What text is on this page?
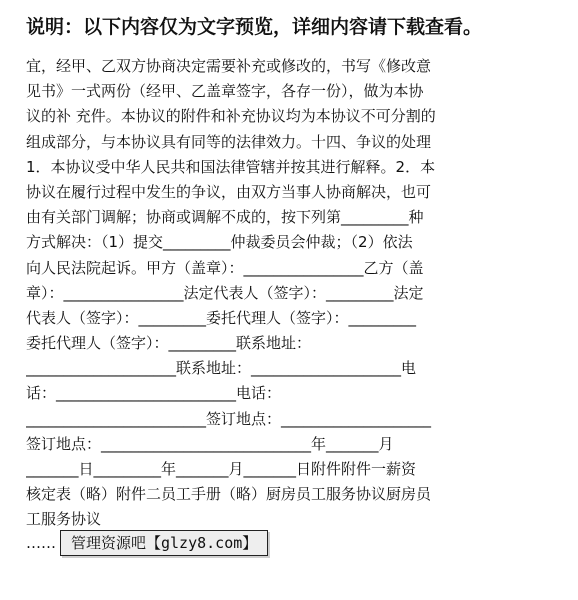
说明：以下内容仅为文字预览，详细内容请下载查看。
宜，经甲、乙双方协商决定需要补充或修改的，书写《修改意
见书》一式两份（经甲、乙盖章签字，各存一份），做为本协
议的补 充件。本协议的附件和补充协议均为本协议不可分割的
组成部分，与本协议具有同等的法律效力。十四、争议的处理
1．本协议受中华人民共和国法律管辖并按其进行解释。2．本
协议在履行过程中发生的争议，由双方当事人协商解决，也可
由有关部门调解；协商或调解不成的，按下列第_________种
方式解决：（1）提交_________仲裁委员会仲裁；（2）依法
向人民法院起诉。甲方（盖章）：________________乙方（盖
章）：________________法定代表人（签字）：_________法定
代表人（签字）：_________委托代理人（签字）：_________
委托代理人（签字）：_________联系地址：
____________________联系地址：____________________电
话：________________________电话：
________________________签订地点：____________________
签订地点：____________________________年_______月
_______日_________年_______月_______日附件附件一薪资
核定表（略）附件二员工手册（略）厨房员工服务协议厨房员
工服务协议
……	管理资源吧【glzy8.com】
